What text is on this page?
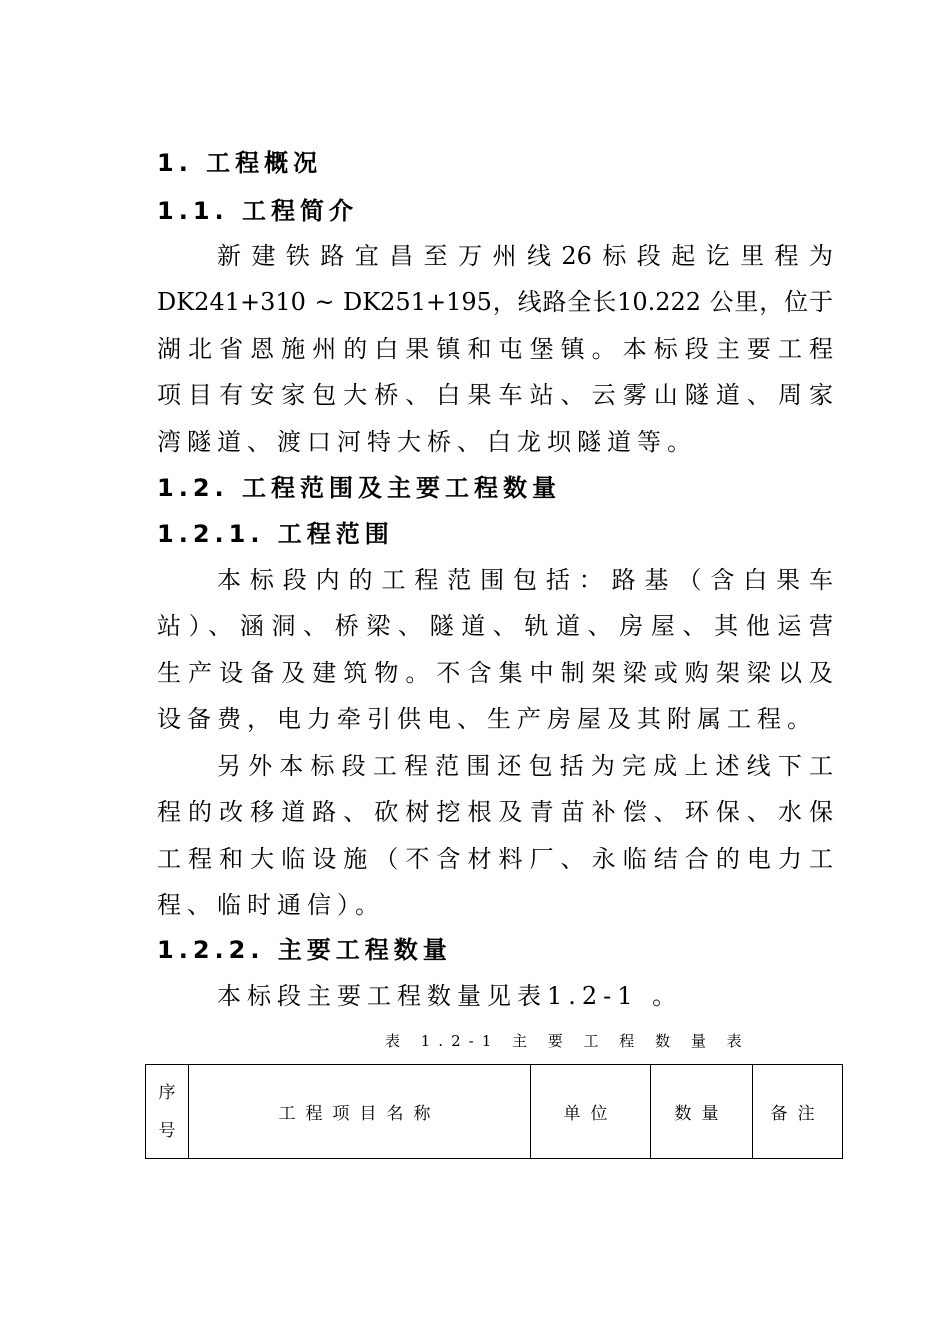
1. 工程概况
1.1. 工程简介
新建铁路宜昌至万州线26标段起讫里程为
DK241+310 ~ DK251+195，线路全长10.222 公里，位于
湖北省恩施州的白果镇和屯堡镇。本标段主要工程
项目有安家包大桥、白果车站、云雾山隧道、周家
湾隧道、渡口河特大桥、白龙坝隧道等。
1.2. 工程范围及主要工程数量
1.2.1. 工程范围
本标段内的工程范围包括：路基（含白果车
站）、涵洞、桥梁、隧道、轨道、房屋、其他运营
生产设备及建筑物。不含集中制架梁或购架梁以及
设备费，电力牵引供电、生产房屋及其附属工程。
另外本标段工程范围还包括为完成上述线下工
程的改移道路、砍树挖根及青苗补偿、环保、水保
工程和大临设施（不含材料厂、永临结合的电力工
程、临时通信）。
1.2.2. 主要工程数量
本标段主要工程数量见表1.2-1 。
表 1.2-1 主 要 工 程 数 量 表
序
号
	工程项目名称	单位	数量	备注
